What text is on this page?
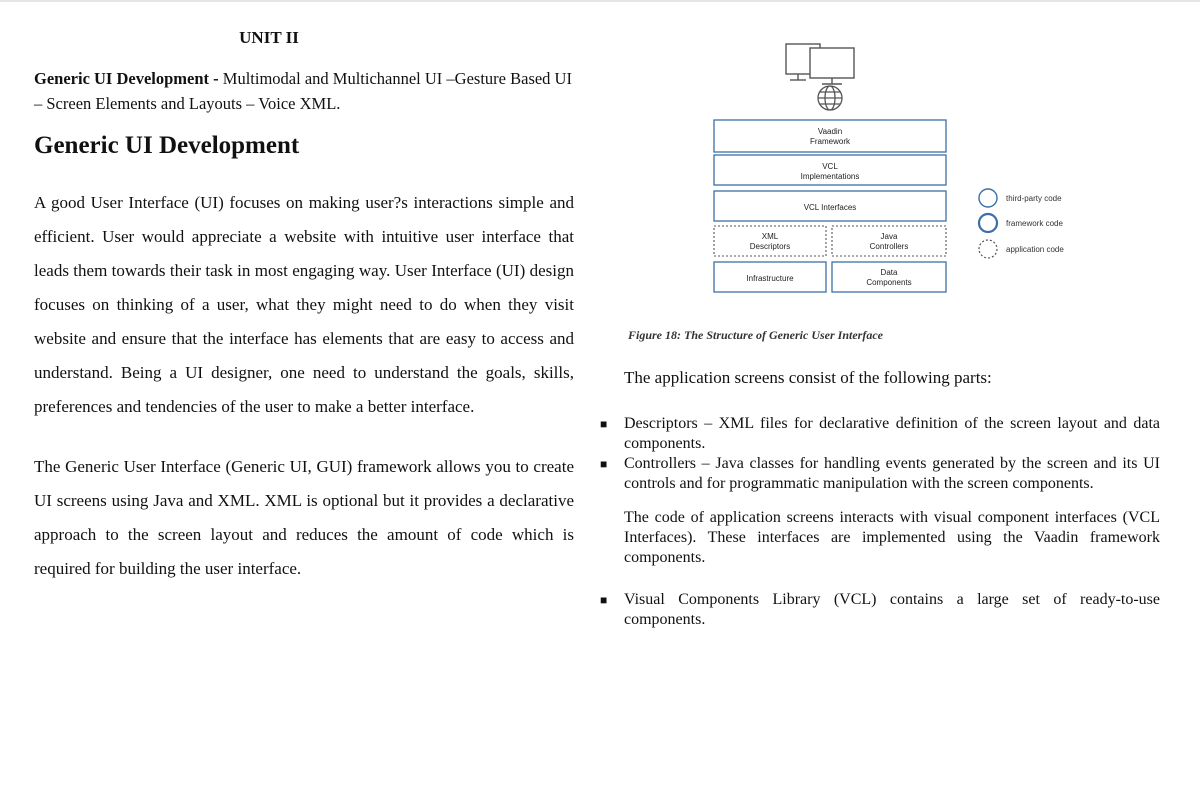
UNIT II
Generic UI Development - Multimodal and Multichannel UI –Gesture Based UI – Screen Elements and Layouts – Voice XML.
Generic UI Development

A good User Interface (UI) focuses on making user?s interactions simple and efficient. User would appreciate a website with intuitive user interface that leads them towards their task in most engaging way. User Interface (UI) design focuses on thinking of a user, what they might need to do when they visit website and ensure that the interface has elements that are easy to access and understand. Being a UI designer, one need to understand the goals, skills, preferences and tendencies of the user to make a better interface.

The Generic User Interface (Generic UI, GUI) framework allows you to create UI screens using Java and XML. XML is optional but it provides a declarative approach to the screen layout and reduces the amount of code which is required for building the user interface.

Vaadin
Framework
VCL
Implementations
VCL Interfaces
XML
Descriptors
Java
Controllers
Infrastructure
Data
Components
third-party code
framework code
application code
Figure 18: The Structure of Generic User Interface
The application screens consist of the following parts:
■	Descriptors – XML files for declarative definition of the screen layout and data components.
■	Controllers – Java classes for handling events generated by the screen and its UI controls and for programmatic manipulation with the screen components.
The code of application screens interacts with visual component interfaces (VCL Interfaces). These interfaces are implemented using the Vaadin framework components.
■	Visual Components Library (VCL) contains a large set of ready-to-use components.
